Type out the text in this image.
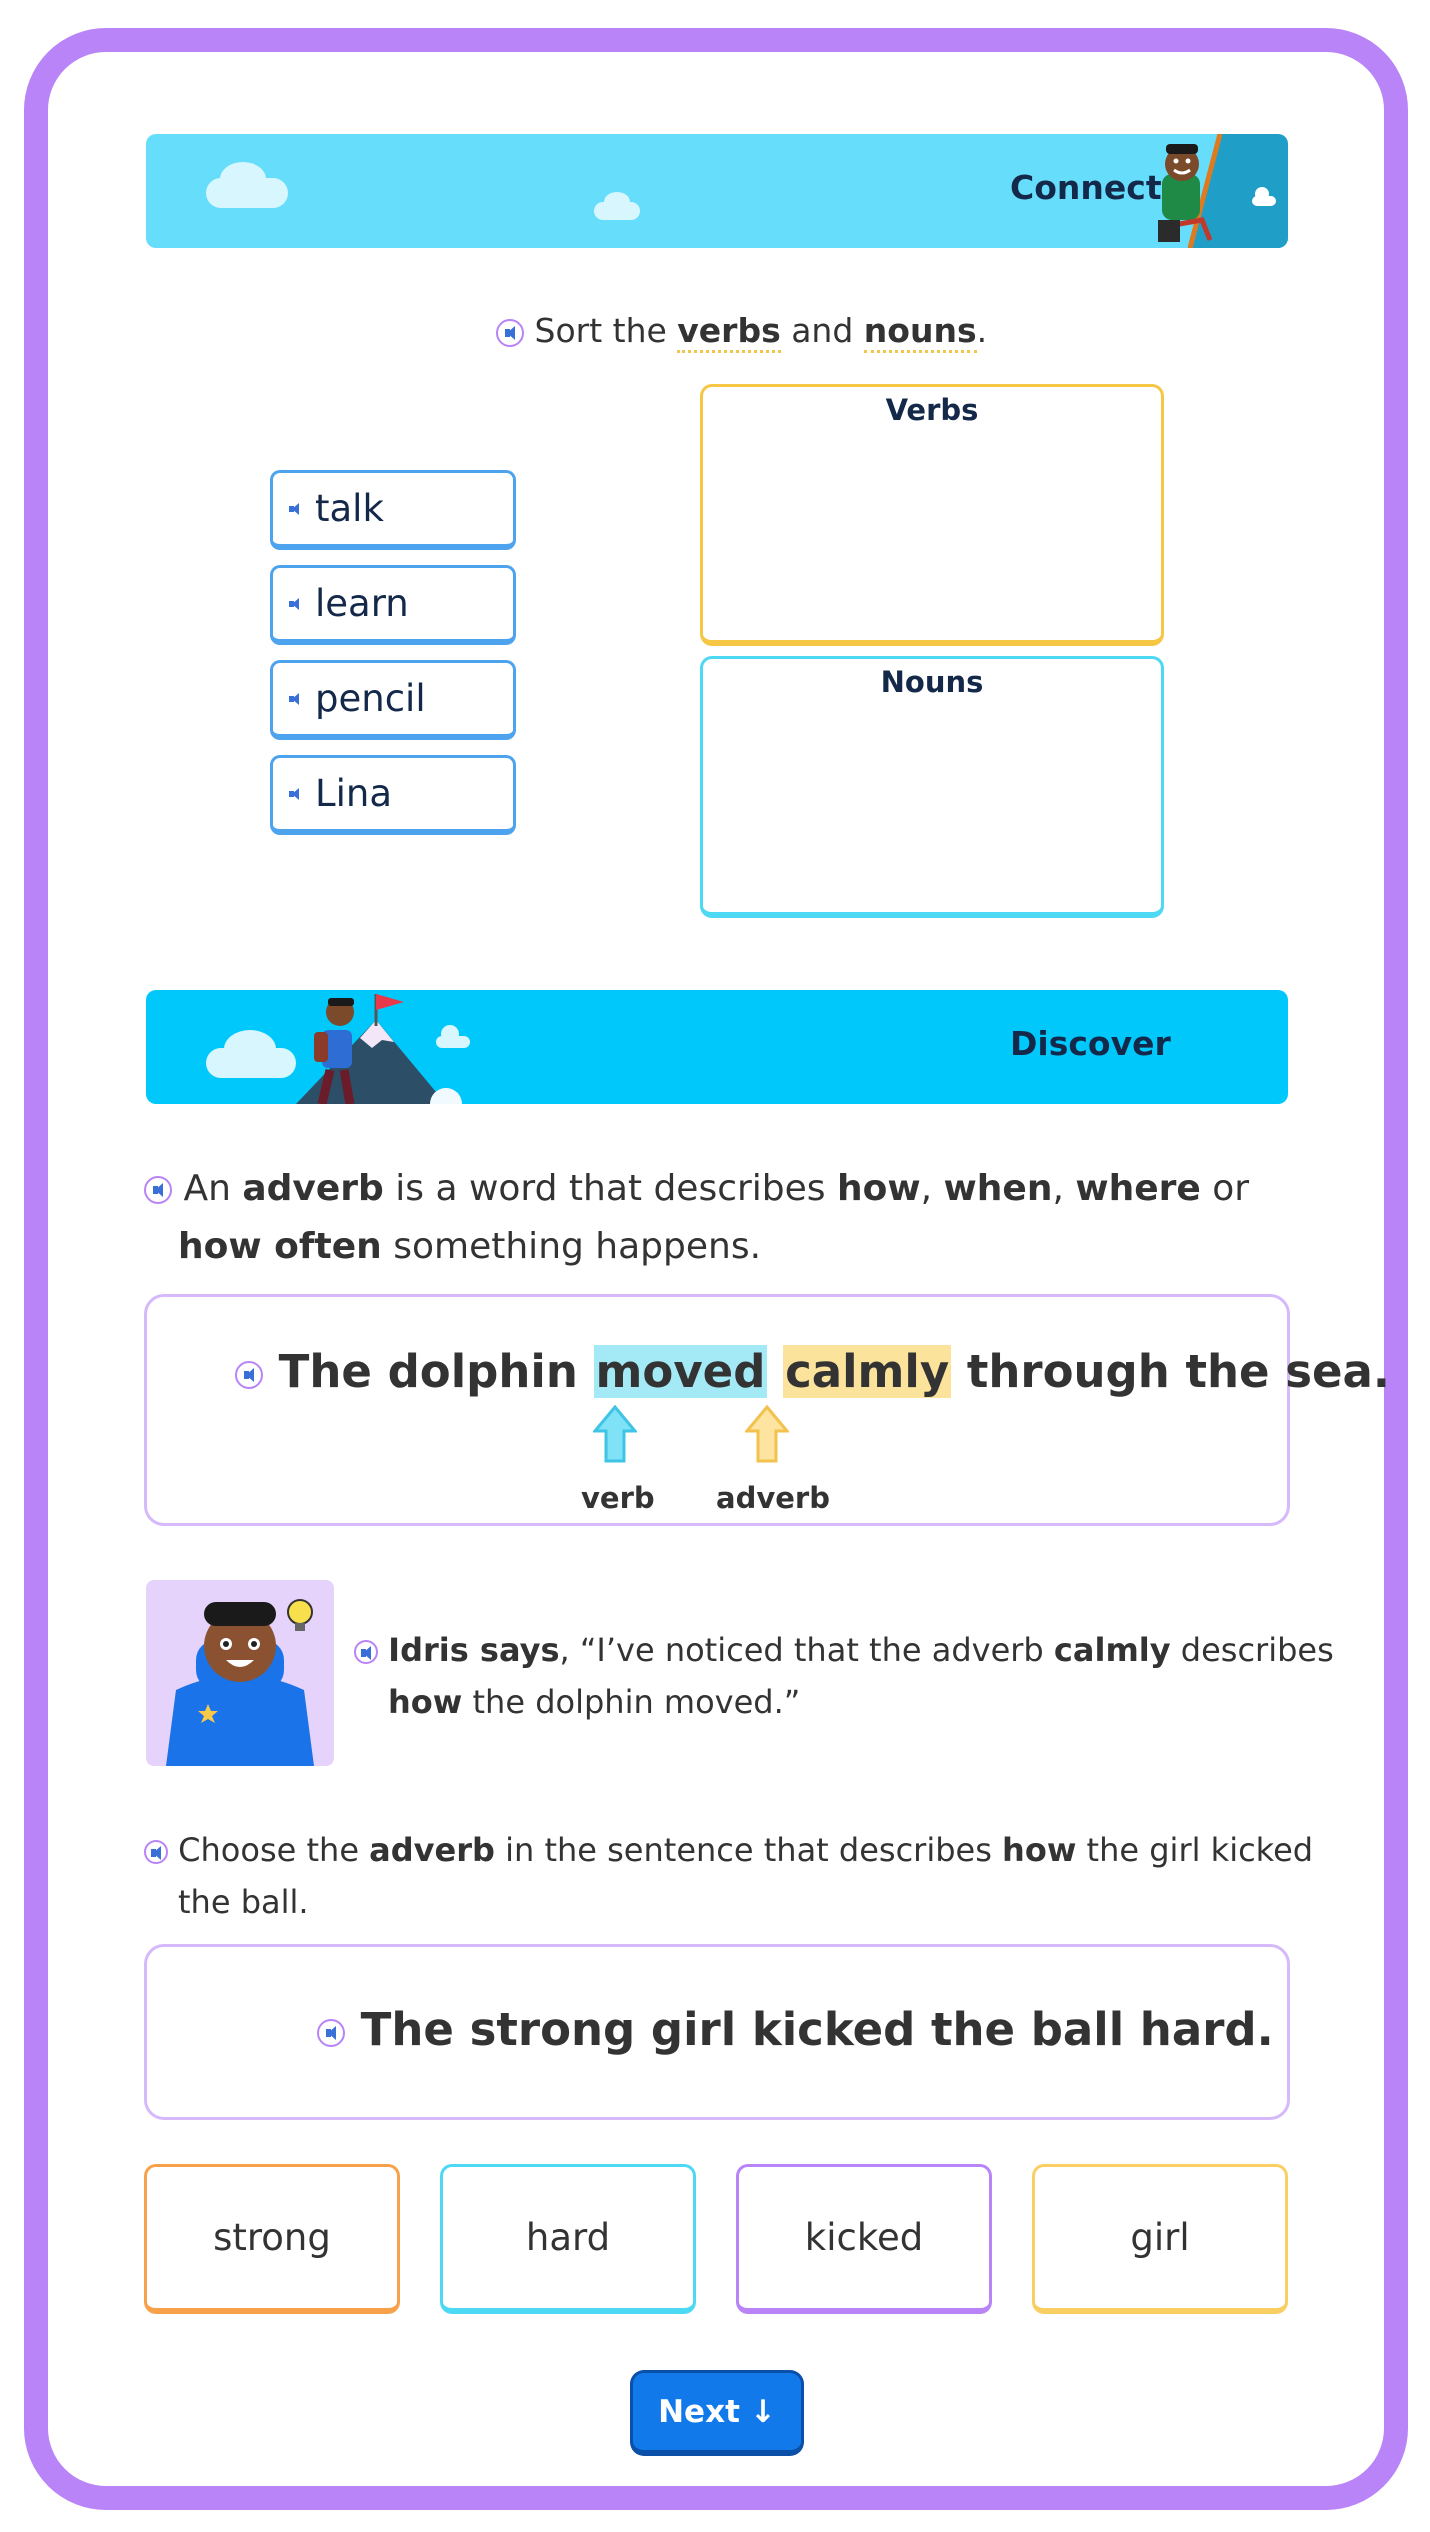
Connect
Sort the verbs and nouns.
talk
learn
pencil
Lina
Verbs
Nouns
Discover
An adverb is a word that describes how, when, where or
how often something happens.
The dolphin moved calmly through the sea.
verb adverb
Idris says, “I’ve noticed that the adverb calmly describes
how the dolphin moved.”
Choose the adverb in the sentence that describes how the girl kicked
the ball.
The strong girl kicked the ball hard.
strong	hard	kicked	girl
Next ↓
